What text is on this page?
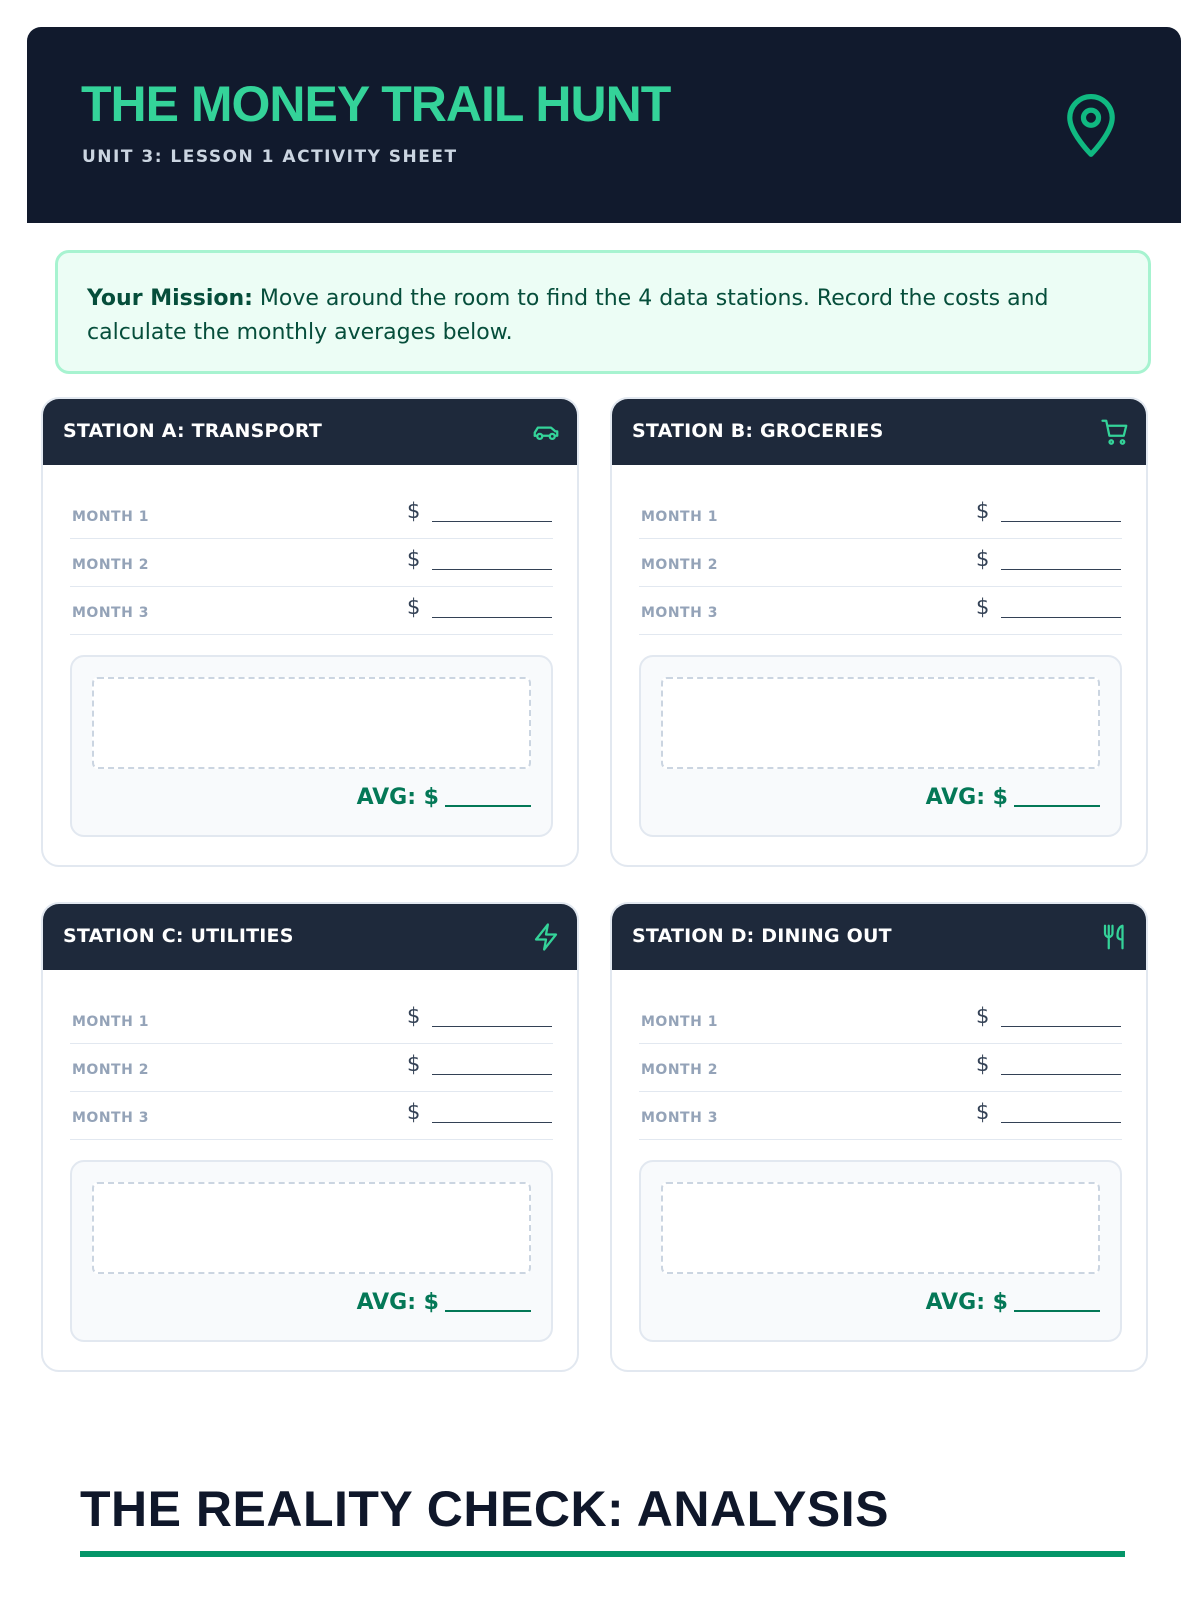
THE MONEY TRAIL HUNT
UNIT 3: LESSON 1 ACTIVITY SHEET
Your Mission: Move around the room to find the 4 data stations. Record the costs and calculate the monthly averages below.
STATION A: TRANSPORT
MONTH 1	$
MONTH 2	$
MONTH 3	$
AVG: $
STATION B: GROCERIES
MONTH 1	$
MONTH 2	$
MONTH 3	$
AVG: $
STATION C: UTILITIES
MONTH 1	$
MONTH 2	$
MONTH 3	$
AVG: $
STATION D: DINING OUT
MONTH 1	$
MONTH 2	$
MONTH 3	$
AVG: $
THE REALITY CHECK: ANALYSIS
